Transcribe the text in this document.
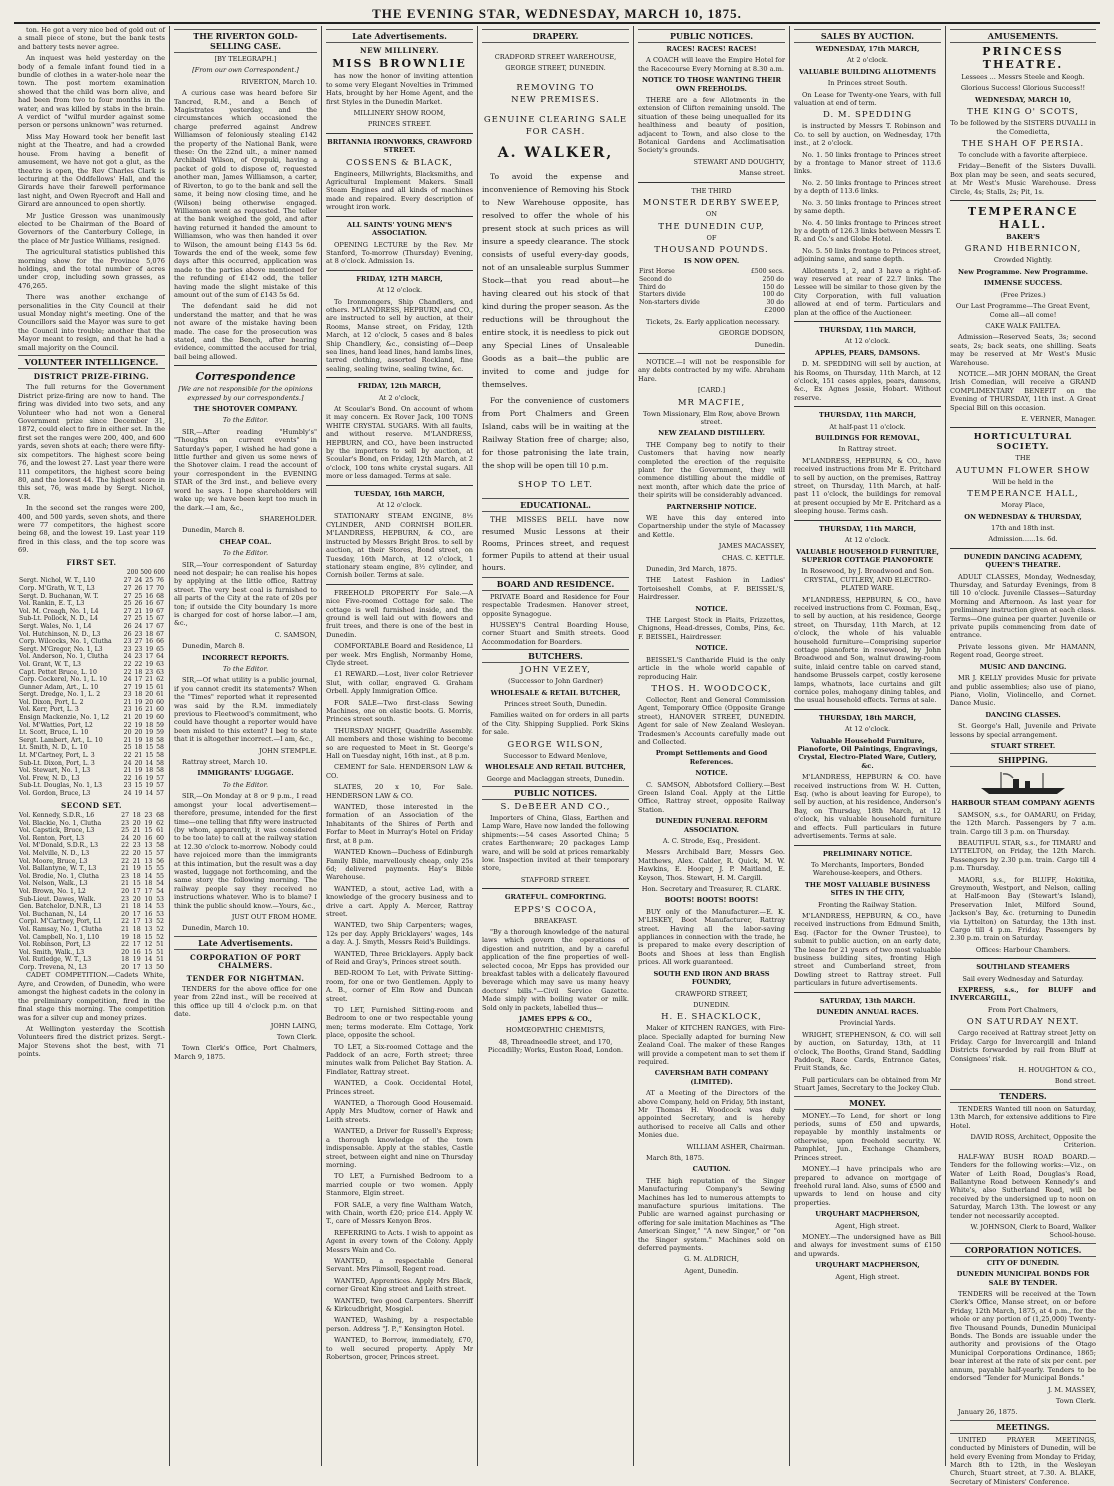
THE EVENING STAR, WEDNESDAY, MARCH 10, 1875.

ton. He got a very nice bed of gold out of a small piece of stone, but the bank tests and battery tests never agree.

An inquest was held yesterday on the body of a female infant found tied in a bundle of clothes in a water-hole near the town. The post mortem examination showed that the child was born alive, and had been from two to four months in the water, and was killed by stabs in the brain. A verdict of "wilful murder against some person or persons unknown" was returned.

Miss May Howard took her benefit last night at the Theatre, and had a crowded house. From having a benefit of amusement, we have not got a glut, as the theatre is open, the Rev Charles Clark is lecturing at the Oddfellows' Hall, and the Girards have their farewell performance last night, and Owen Ryecroft and Hall and Girard are announced to open shortly.

Mr Justice Gresson was unanimously elected to be Chairman of the Board of Governors of the Canterbury College, in the place of Mr Justice Williams, resigned.

The agricultural statistics published this morning show for the Province 5,076 holdings, and the total number of acres under crop, including sown grasses, as 476,265.

There was another exchange of personalities in the City Council at their usual Monday night's meeting. One of the Councillors said the Mayor was sure to get the Council into trouble; another that the Mayor meant to resign, and that he had a small majority on the Council.

VOLUNTEER INTELLIGENCE.
DISTRICT PRIZE-FIRING.

The full returns for the Government District prize-firing are now to hand. The firing was divided into two sets, and any Volunteer who had not won a General Government prize since December 31, 1872, could elect to fire in either set. In the first set the ranges were 200, 400, and 600 yards, seven shots at each; there were fifty-six competitors. The highest score being 76, and the lowest 27. Last year there were 111 competitors, the highest score being 80, and the lowest 44. The highest score in this set, 76, was made by Sergt. Nichol, V.R.

In the second set the ranges were 200, 400, and 500 yards, seven shots, and there were 77 competitors, the highest score being 68, and the lowest 19. Last year 119 fired in this class, and the top score was 69.

FIRST SET.
200 500 600
Sergt. Nichol, W. T., L10	27	24	25	76
Corp. M'Grath, W. T., L3	27	26	17	70
Sergt. D. Buchanan, W. T.	27	25	16	68
Vol. Rankin, E. T., L3	25	26	16	67
Vol. M. Creagh, No. 1, L4	27	21	19	67
Sub-Lt. Pollock, N. D., L4	27	25	15	67
Sergt. Wales, No. 1, L4	26	24	17	67
Vol. Hutchinson, N. D., L3	26	23	18	67
Corp. Wilcocks, No. 1, Clutha	23	27	16	66
Sergt. M'Gregor, No. 1, L3	23	23	19	65
Vol. Anderson, No. 1, Clutha	24	23	17	64
Vol. Grant, W. T., L3	22	22	19	63
Capt. Pettet Bruce, L. 10	22	18	23	63
Corp. Cockerel, No. 1, L. 10	24	17	21	62
Gunner Adam, Art., L. 10	27	19	15	61
Sergt. Dredge, No. 1, L. 2	23	18	20	61
Vol. Dixon, Port, L. 2	21	19	20	60
Vol. Kerr, Port, L. 3	23	16	21	60
Ensign Mackenzie, No. 1, L2	21	20	19	60
Vol. M'Watties, Port, L2	22	19	18	59
Lt. Scott, Bruce, L. 10	20	20	19	59
Sergt. Lambert, Art., L. 10	21	19	18	58
Lt. Smith, N. D., L. 10	25	18	15	58
Lt. M'Cartney, Port, L. 3	22	21	15	58
Sub-Lt. Dixon, Port, L. 3	24	20	14	58
Vol. Stewart, No. 1, L3	21	19	18	58
Vol. Frew, N. D., L3	22	16	19	57
Sub-Lt. Douglas, No. 1, L3	23	15	19	57
Vol. Gordon, Bruce, L3	24	19	14	57
SECOND SET.
Vol. Kennedy, S.D.R., L6	27	18	23	68
Vol. Blackie, No. 1, Clutha	23	20	19	62
Vol. Capstick, Bruce, L3	25	21	15	61
Vol. Renton, Port, L3	24	20	16	60
Vol. M'Donald, S.D.R., L3	22	23	13	58
Vol. Melville, N. D., L3	22	20	15	57
Vol. Moore, Bruce, L3	22	21	13	56
Vol. Ballantyne, W. T., L3	21	19	15	55
Vol. Brodie, No. 1, Clutha	23	18	14	55
Vol. Nelson, Walk., L3	21	15	18	54
Vol. Brown, No. 1, L2	20	17	17	54
Sub-Lieut. Dawes, Walk.	23	20	10	53
Gen. Batchelor, D.N.R., L3	21	18	14	53
Vol. Buchanan, N., L4	20	17	16	53
Corpl. M'Cartney, Port, L1	22	17	13	52
Vol. Ramsay, No. 1, Clutha	21	18	13	52
Vol. Campbell, No. 1, L10	19	18	15	52
Vol. Robinson, Port, L3	22	17	12	51
Vol. Smith, Walk., L3	20	16	15	51
Vol. Rutledge, W. T., L3	18	19	14	51
Corp. Trevena, N., L3	20	17	13	50

CADET COMPETITION.—Cadets White, Ayre, and Crowden, of Dunedin, who were amongst the highest cadets in the colony in the preliminary competition, fired in the final stage this morning. The competition was for a silver cup and money prizes.

At Wellington yesterday the Scottish Volunteers fired the district prizes. Sergt.-Major Stevens shot the best, with 71 points.

THE RIVERTON GOLD-SELLING CASE.

[BY TELEGRAPH.]

[From our own Correspondent.]

RIVERTON, March 10.

A curious case was heard before Sir Tancred, R.M., and a Bench of Magistrates yesterday, and the circumstances which occasioned the charge preferred against Andrew Williamson of feloniously stealing £142 the property of the National Bank, were these: On the 22nd ult., a miner named Archibald Wilson, of Orepuki, having a packet of gold to dispose of, requested another man, James Williamson, a carter, of Riverton, to go to the bank and sell the same, it being now closing time, and he (Wilson) being otherwise engaged. Williamson went as requested. The teller at the bank weighed the gold, and after having returned it handed the amount to Williamson, who was then handed it over to Wilson, the amount being £143 5s 6d. Towards the end of the week, some few days after this occurred, application was made to the parties above mentioned for the refunding of £142 odd, the teller having made the slight mistake of this amount out of the sum of £143 5s 6d.

The defendant said he did not understand the matter, and that he was not aware of the mistake having been made. The case for the prosecution was stated, and the Bench, after hearing evidence, committed the accused for trial, bail being allowed.

Correspondence

[We are not responsible for the opinions expressed by our correspondents.]

THE SHOTOVER COMPANY.

To the Editor.

SIR,—After reading "Humbly's" "Thoughts on current events" in Saturday's paper, I wished he had gone a little further and given us some news of the Shotover claim. I read the account of your correspondent in the EVENING STAR of the 3rd inst., and believe every word he says. I hope shareholders will wake up; we have been kept too much in the dark.—I am, &c.,

SHAREHOLDER.

Dunedin, March 8.

CHEAP COAL.

To the Editor.

SIR,—Your correspondent of Saturday need not despair; he can realise his hopes by applying at the little office, Rattray street. The very best coal is furnished to all parts of the City at the rate of 20s per ton; if outside the City boundary 1s more is charged for cost of horse labor.—I am, &c.,

C. SAMSON,

Dunedin, March 8.

INCORRECT REPORTS.

To the Editor.

SIR,—Of what utility is a public journal, if you cannot credit its statements? When the "Times" reported what it represented was said by the R.M. immediately previous to Fleetwood's commitment, who could have thought a reporter would have been misled to this extent? I beg to state that it is altogether incorrect.—I am, &c.,

JOHN STEMPLE.

Rattray street, March 10.

IMMIGRANTS' LUGGAGE.

To the Editor.

SIR,—On Monday at 8 or 9 p.m., I read amongst your local advertisement—therefore, presume, intended for the first time—one telling that fifty were instructed (by whom, apparently, it was considered to be too late) to call at the railway station at 12.30 o'clock to-morrow. Nobody could have rejoiced more than the immigrants at this intimation, but the result was a day wasted, luggage not forthcoming, and the same story the following morning. The railway people say they received no instructions whatever. Who is to blame? I think the public should know.—Yours, &c.,

JUST OUT FROM HOME.

Dunedin, March 10.

Late Advertisements.
CORPORATION OF PORT CHALMERS.
TENDER FOR NIGHTMAN.

TENDERS for the above office for one year from 22nd inst., will be received at this office up till 4 o'clock p.m. on that date.

JOHN LAING,

Town Clerk.

Town Clerk's Office, Port Chalmers, March 9, 1875.

Late Advertisements.
NEW MILLINERY.
MISS BROWNLIE

has now the honor of inviting attention to some very Elegant Novelties in Trimmed Hats, brought by her Home Agent, and the first Styles in the Dunedin Market.

MILLINERY SHOW ROOM,

PRINCES STREET.

BRITANNIA IRONWORKS, CRAWFORD STREET.

COSSENS & BLACK,

Engineers, Millwrights, Blacksmiths, and Agricultural Implement Makers. Small Steam Engines and all kinds of machines made and repaired. Every description of wrought iron work.

ALL SAINTS' YOUNG MEN'S ASSOCIATION.

OPENING LECTURE by the Rev. Mr Stanford, To-morrow (Thursday) Evening, at 8 o'clock. Admission 1s.

FRIDAY, 12TH MARCH,

At 12 o'clock.

To Ironmongers, Ship Chandlers, and others. M'LANDRESS, HEPBURN, and CO., are instructed to sell by auction, at their Rooms, Manse street, on Friday, 12th March, at 12 o'clock, 5 cases and 8 bales Ship Chandlery, &c., consisting of—Deep sea lines, hand lead lines, hand lambs lines, tarred clothing, assorted Rockland, fine sealing, sealing twine, sealing twine, &c.

FRIDAY, 12th MARCH,

At 2 o'clock,

At Scoular's Bond. On account of whom it may concern. Ex Rover Jack, 100 TONS WHITE CRYSTAL SUGARS. With all faults, and without reserve. M'LANDRESS, HEPBURN, and CO., have been instructed by the importers to sell by auction, at Scoular's Bond, on Friday, 12th March, at 2 o'clock, 100 tons white crystal sugars. All more or less damaged. Terms at sale.

TUESDAY, 16th MARCH,

At 12 o'clock.

STATIONARY STEAM ENGINE, 8½ CYLINDER, AND CORNISH BOILER. M'LANDRESS, HEPBURN, & CO., are instructed by Messrs Bright Bros. to sell by auction, at their Stores, Bond street, on Tuesday, 16th March, at 12 o'clock, 1 stationary steam engine, 8½ cylinder, and Cornish boiler. Terms at sale.

FREEHOLD PROPERTY For Sale.—A nice Five-roomed Cottage for sale. The cottage is well furnished inside, and the ground is well laid out with flowers and fruit trees, and there is one of the best in Dunedin.

COMFORTABLE Board and Residence, Ll per week. Mrs English, Normanby Home, Clyde street.

£1 REWARD.—Lost, liver color Retriever Slut, with collar, engraved G. Graham Orbell. Apply Immigration Office.

FOR SALE—Two first-class Sewing Machines, one on elastic boots. G. Morris, Princes street south.

THURSDAY NIGHT, Quadrille Assembly. All members and those wishing to become so are requested to Meet in St. George's Hall on Tuesday night, 16th inst., at 8 p.m.

CEMENT for Sale. HENDERSON LAW & CO.

SLATES, 20 x 10, For Sale. HENDERSON LAW & CO.

WANTED, those interested in the formation of an Association of the Inhabitants of the Shires of Perth and Forfar to Meet in Murray's Hotel on Friday first, at 8 p.m.

WANTED Known—Duchess of Edinburgh Family Bible, marvellously cheap, only 25s 6d; delivered payments. Hay's Bible Warehouse.

WANTED, a stout, active Lad, with a knowledge of the grocery business and to drive a cart. Apply A. Mercer, Rattray street.

WANTED, two Ship Carpenters; wages, 12s per day. Apply Bricklayers' wages, 14s a day. A. J. Smyth, Messrs Reid's Buildings.

WANTED, Three Bricklayers. Apply back of Reid and Gray's, Princes street south.

BED-ROOM To Let, with Private Sitting-room, for one or two Gentlemen. Apply to A. B., corner of Elm Row and Duncan street.

TO LET, Furnished Sitting-room and Bedroom to one or two respectable young men; terms moderate. Elm Cottage, York place, opposite the school.

TO LET, a Six-roomed Cottage and the Paddock of an acre, Forth street; three minutes walk from Pelichet Bay Station. A. Findlater, Rattray street.

WANTED, a Cook. Occidental Hotel, Princes street.

WANTED, a Thorough Good Housemaid. Apply Mrs Mudtow, corner of Hawk and Leith streets.

WANTED, a Driver for Russell's Express; a thorough knowledge of the town indispensable. Apply at the stables, Castle street, between eight and nine on Thursday morning.

TO LET, a Furnished Bedroom to a married couple or two women. Apply Stanmore, Elgin street.

FOR SALE, a very fine Waltham Watch, with Chain, worth £20; price £14. Apply W. T., care of Messrs Kenyon Bros.

REFERRING to Acts. I wish to appoint as Agent in every town of the Colony. Apply Messrs Wain and Co.

WANTED, a respectable General Servant. Mrs Plimsoll, Regent road.

WANTED, Apprentices. Apply Mrs Black, corner Great King street and Leith street.

WANTED, two good Carpenters. Sherriff & Kirkcudbright, Mosgiel.

WANTED, Washing, by a respectable person. Address "J. P.," Kensington Hotel.

WANTED, to Borrow, immediately, £70, to well secured property. Apply Mr Robertson, grocer, Princes street.

DRAPERY.

CRADFORD STREET WAREHOUSE,

GEORGE STREET, DUNEDIN.

REMOVING TO
NEW PREMISES.
GENUINE CLEARING SALE
FOR CASH.
A. WALKER,

To avoid the expense and inconvenience of Removing his Stock to New Warehouse opposite, has resolved to offer the whole of his present stock at such prices as will insure a speedy clearance. The stock consists of useful every-day goods, not of an unsaleable surplus Summer Stock—that you read about—he having cleared out his stock of that kind during the proper season. As the reductions will be throughout the entire stock, it is needless to pick out any Special Lines of Unsaleable Goods as a bait—the public are invited to come and judge for themselves.

For the convenience of customers from Port Chalmers and Green Island, cabs will be in waiting at the Railway Station free of charge; also, for those patronising the late train, the shop will be open till 10 p.m.

SHOP TO LET.
EDUCATIONAL.

THE MISSES BELL have now resumed Music Lessons at their Rooms, Princes street, and request former Pupils to attend at their usual hours.

BOARD AND RESIDENCE.

PRIVATE Board and Residence for Four respectable Tradesmen. Hanover street, opposite Synagogue.

HUSSEY'S Central Boarding House, corner Stuart and Smith streets. Good Accommodation for Boarders.

BUTCHERS.
JOHN VEZEY,

(Successor to John Gardner)

WHOLESALE & RETAIL BUTCHER,

Princes street South, Dunedin.

Families waited on for orders in all parts of the City. Shipping Supplied. Pork Skins for sale.

GEORGE WILSON,

Successor to Edward Menlove,

WHOLESALE AND RETAIL BUTCHER,

George and Maclaggan streets, Dunedin.

PUBLIC NOTICES.
S. DeBEER AND CO.,

Importers of China, Glass, Earthen and Lamp Ware, Have now landed the following shipments:—54 cases Assorted China; 5 crates Earthenware; 20 packages Lamp ware, and will be sold at prices remarkably low. Inspection invited at their temporary store,

STAFFORD STREET.

GRATEFUL. COMFORTING.

EPPS'S COCOA,

BREAKFAST.

"By a thorough knowledge of the natural laws which govern the operations of digestion and nutrition, and by a careful application of the fine properties of well-selected cocoa, Mr Epps has provided our breakfast tables with a delicately flavoured beverage which may save us many heavy doctors' bills."—Civil Service Gazette. Made simply with boiling water or milk. Sold only in packets, labelled thus—

JAMES EPPS & CO.,

HOMŒOPATHIC CHEMISTS,

48, Threadneedle street, and 170, Piccadilly; Works, Euston Road, London.

PUBLIC NOTICES.

RACES! RACES! RACES!

A COACH will leave the Empire Hotel for the Racecourse Every Morning at 8.30 a.m.

NOTICE TO THOSE WANTING THEIR OWN FREEHOLDS.

THERE are a few Allotments in the extension of Clifton remaining unsold. The situation of these being unequalled for its healthiness and beauty of position, adjacent to Town, and also close to the Botanical Gardens and Acclimatisation Society's grounds.

STEWART AND DOUGHTY,

Manse street.

THE THIRD

MONSTER DERBY SWEEP,

ON

THE DUNEDIN CUP,

OF

THOUSAND POUNDS.

IS NOW OPEN.

First Horse	£500 secs.
Second do	250 do
Third do	150 do
Starters divide	100 do
Non-starters divide	30 do

£2000

Tickets, 2s. Early application necessary.

GEORGE DODSON,

Dunedin.

NOTICE.—I will not be responsible for any debts contracted by my wife. Abraham Hare.

[CARD.]

MR MACFIE,

Town Missionary, Elm Row, above Brown street.

NEW ZEALAND DISTILLERY.

THE Company beg to notify to their Customers that having now nearly completed the erection of the requisite plant for the Government, they will commence distilling about the middle of next month, after which date the price of their spirits will be considerably advanced.

PARTNERSHIP NOTICE.

WE have this day entered into Copartnership under the style of Macassey and Kettle.

JAMES MACASSEY,

CHAS. C. KETTLE.

Dunedin, 3rd March, 1875.

THE Latest Fashion in Ladies' Tortoiseshell Combs, at F. BEISSEL'S, Hairdresser.

NOTICE.

THE Largest Stock in Plaits, Frizzettes, Chignons, Head-dresses, Combs, Pins, &c. F. BEISSEL, Hairdresser.

NOTICE.

BEISSEL'S Cantharide Fluid is the only article in the whole world capable of reproducing Hair.

THOS. H. WOODCOCK,

Collector, Rent and General Commission Agent, Temporary Office (Opposite Grange street), HANOVER STREET, DUNEDIN. Agent for sale of New Zealand Wesleyan. Tradesmen's Accounts carefully made out and Collected.

Prompt Settlements and Good References.

NOTICE.

C. SAMSON, Abbotsford Colliery.—Best Green Island Coal. Apply at the Little Office, Rattray street, opposite Railway Station.

DUNEDIN FUNERAL REFORM ASSOCIATION.

A. C. Strode, Esq., President.

Messrs Archibald Barr, Messrs Geo. Matthews, Alex. Calder, R. Quick, M. W. Hawkins, E. Hooper, J. P. Maitland, E. Keyson, Thos. Stewart, H. M. Cargill.

Hon. Secretary and Treasurer, R. CLARK.

BOOTS! BOOTS! BOOTS!

BUY only of the Manufacturer.—E. K. M'LISKEY, Boot Manufacturer, Rattray street. Having all the labor-saving appliances in connection with the trade, he is prepared to make every description of Boots and Shoes at less than English prices. All work guaranteed.

SOUTH END IRON AND BRASS FOUNDRY,

CRAWFORD STREET,

DUNEDIN.

H. E. SHACKLOCK,

Maker of KITCHEN RANGES, with Fire-place. Specially adapted for burning New Zealand Coal. The maker of these Ranges will provide a competent man to set them if required.

CAVERSHAM BATH COMPANY (LIMITED).

AT a Meeting of the Directors of the above Company, held on Friday, 5th instant, Mr Thomas H. Woodcock was duly appointed Secretary, and is hereby authorised to receive all Calls and other Monies due.

WILLIAM ASHER, Chairman.

March 8th, 1875.

CAUTION.

THE high reputation of the Singer Manufacturing Company's Sewing Machines has led to numerous attempts to manufacture spurious imitations. The Public are warned against purchasing or offering for sale imitation Machines as "The American Singer," "A new Singer," or "on the Singer system." Machines sold on deferred payments.

G. M. ALDRICH,

Agent, Dunedin.

SALES BY AUCTION.

WEDNESDAY, 17th MARCH,

At 2 o'clock.

VALUABLE BUILDING ALLOTMENTS

In Princes street South.

On Lease for Twenty-one Years, with full valuation at end of term.

D. M. SPEDDING

is instructed by Messrs T. Robinson and Co. to sell by auction, on Wednesday, 17th inst., at 2 o'clock.

No. 1. 50 links frontage to Princes street by a frontage to Manor street of 113.6 links.

No. 2. 50 links frontage to Princes street by a depth of 113.6 links.

No. 3. 50 links frontage to Princes street by same depth.

No. 4. 50 links frontage to Princes street by a depth of 126.3 links between Messrs T. R. and Co.'s and Globe Hotel.

No. 5. 50 links frontage to Princes street, adjoining same, and same depth.

Allotments 1, 2, and 3 have a right-of-way reserved at rear of 22.7 links. The Lessee will be similar to those given by the City Corporation, with full valuation allowed at end of term. Particulars and plan at the office of the Auctioneer.

THURSDAY, 11th MARCH,

At 12 o'clock.

APPLES, PEARS, DAMSONS.

D. M. SPEDDING will sell by auction, at his Rooms, on Thursday, 11th March, at 12 o'clock, 151 cases apples, pears, damsons, &c., Ex Agnes Jessie, Hobart. Without reserve.

THURSDAY, 11th MARCH,

At half-past 11 o'clock.

BUILDINGS FOR REMOVAL,

In Rattray street.

M'LANDRESS, HEPBURN, & CO., have received instructions from Mr E. Pritchard to sell by auction, on the premises, Rattray street, on Thursday, 11th March, at half-past 11 o'clock, the buildings for removal at present occupied by Mr E. Pritchard as a sleeping house. Terms cash.

THURSDAY, 11th MARCH,

At 12 o'clock.

VALUABLE HOUSEHOLD FURNITURE, SUPERIOR COTTAGE PIANOFORTE

In Rosewood, by J. Broadwood and Son. CRYSTAL, CUTLERY, AND ELECTRO-PLATED WARE.

M'LANDRESS, HEPBURN, & CO., have received instructions from C. Foxman, Esq., to sell by auction, at his residence, George street, on Thursday, 11th March, at 12 o'clock, the whole of his valuable household furniture—Comprising superior cottage pianoforte in rosewood, by John Broadwood and Son, walnut drawing-room suite, inlaid centre table on carved stand, handsome Brussels carpet, costly kerosene lamps, whatnots, lace curtains and gilt cornice poles, mahogany dining tables, and the usual household effects. Terms at sale.

THURSDAY, 18th MARCH,

At 12 o'clock.

Valuable Household Furniture, Pianoforte, Oil Paintings, Engravings, Crystal, Electro-Plated Ware, Cutlery, &c.

M'LANDRESS, HEPBURN & CO. have received instructions from W. H. Cutten, Esq. (who is about leaving for Europe), to sell by auction, at his residence, Anderson's Bay, on Thursday, 18th March, at 12 o'clock, his valuable household furniture and effects. Full particulars in future advertisements. Terms at sale.

PRELIMINARY NOTICE.

To Merchants, Importers, Bonded Warehouse-keepers, and Others.

THE MOST VALUABLE BUSINESS SITES IN THE CITY,

Fronting the Railway Station.

M'LANDRESS, HEPBURN, & CO., have received instructions from Edmund Smith, Esq. (Factor for the Owner Trustee), to submit to public auction, on an early date, The lease for 21 years of two most valuable business building sites, fronting High street and Cumberland street, from Dowling street to Rattray street. Full particulars in future advertisements.

SATURDAY, 13th MARCH.

DUNEDIN ANNUAL RACES.

Provincial Yards.

WRIGHT, STEPHENSON, & CO. will sell by auction, on Saturday, 13th, at 11 o'clock, The Booths, Grand Stand, Saddling Paddock, Race Cards, Entrance Gates, Fruit Stands, &c.

Full particulars can be obtained from Mr Stuart James, Secretary to the Jockey Club.

MONEY.

MONEY.—To Lend, for short or long periods, sums of £50 and upwards, repayable by monthly instalments or otherwise, upon freehold security. W. Pamphlet, Jun., Exchange Chambers, Princes street.

MONEY.—I have principals who are prepared to advance on mortgage of freehold rural land. Also, sums of £500 and upwards to lend on house and city properties.

URQUHART MACPHERSON,

Agent, High street.

MONEY.—The undersigned have as Bill and always for investment sums of £150 and upwards.

URQUHART MACPHERSON,

Agent, High street.

AMUSEMENTS.
PRINCESS THEATRE.

Lessees ... Messrs Steele and Keogh.

Glorious Success! Glorious Success!!

WEDNESDAY, MARCH 10,

THE KING O' SCOTS,

To be followed by the SISTERS DUVALLI in the Comedietta,

THE SHAH OF PERSIA.

To conclude with a favorite afterpiece.

Friday—Benefit of the Sisters Duvalli. Box plan may be seen, and seats secured, at Mr West's Music Warehouse. Dress Circle, 4s; Stalls, 2s; Pit, 1s.

TEMPERANCE HALL.

BAKER'S

GRAND HIBERNICON,

Crowded Nightly.

New Programme. New Programme.

IMMENSE SUCCESS.

(Free Prizes.)

Our Last Programme—The Great Event, Come all—all come!

CAKE WALK FAILTEA.

Admission—Reserved Seats, 3s; second seats, 2s; back seats, one shilling. Seats may be reserved at Mr West's Music Warehouse.

NOTICE.—MR JOHN MORAN, the Great Irish Comedian, will receive a GRAND COMPLIMENTARY BENEFIT on the Evening of THURSDAY, 11th inst. A Great Special Bill on this occasion.

E. VERNER, Manager.

HORTICULTURAL SOCIETY.

THE

AUTUMN FLOWER SHOW

Will be held in the

TEMPERANCE HALL,

Moray Place,

ON WEDNESDAY & THURSDAY,

17th and 18th inst.

Admission......1s. 6d.

DUNEDIN DANCING ACADEMY, QUEEN'S THEATRE.

ADULT CLASSES, Monday, Wednesday, Thursday, and Saturday Evenings, from 8 till 10 o'clock. Juvenile Classes—Saturday Morning and Afternoon. As last year for preliminary instruction given at each class. Terms—One guinea per quarter. Juvenile or private pupils commencing from date of entrance.

Private lessons given. Mr HAMANN, Regent road, George street.

MUSIC AND DANCING.

MR J. KELLY provides Music for private and public assemblies; also use of piano, Piano, Violin, Violincello, and Cornet. Dance Music.

DANCING CLASSES.

St. George's Hall, Juvenile and Private lessons by special arrangement.

STUART STREET.

SHIPPING.

HARBOUR STEAM COMPANY AGENTS

SAMSON, s.s., for OAMARU, on Friday, the 12th March. Passengers by 7 a.m. train. Cargo till 3 p.m. on Thursday.

BEAUTIFUL STAR, s.s., for TIMARU and LYTTELTON, on Friday, the 12th March. Passengers by 2.30 p.m. train. Cargo till 4 p.m. Thursday.

MAORI, s.s., for BLUFF, Hokitika, Greymouth, Westport, and Nelson, calling at Half-moon Bay (Stewart's Island), Preservation Inlet, Milford Sound, Jackson's Bay, &c. (returning to Dunedin via Lyttelton) on Saturday, the 13th inst. Cargo till 4 p.m. Friday. Passengers by 2.30 p.m. train on Saturday.

Offices: Harbour Chambers.

SOUTHLAND STEAMERS

Sail every Wednesday and Saturday.

EXPRESS, s.s., for BLUFF and INVERCARGILL,

From Port Chalmers,

ON SATURDAY NEXT.

Cargo received at Rattray street Jetty on Friday. Cargo for Invercargill and Inland Districts forwarded by rail from Bluff at Consignees' risk.

H. HOUGHTON & CO.,

Bond street.

TENDERS.

TENDERS Wanted till noon on Saturday, 13th March, for extensive additions to Fire Hotel.

DAVID ROSS, Architect, Opposite the Criterion.

HALF-WAY BUSH ROAD BOARD.—Tenders for the following works:—Viz., on Water of Leith Road, Douglas's Road, Ballantyne Road between Kennedy's and White's, also Sutherland Road, will be received by the undersigned up to noon on Saturday, March 13th. The lowest or any tender not necessarily accepted.

W. JOHNSON, Clerk to Board, Walker School-house.

CORPORATION NOTICES.

CITY OF DUNEDIN.

DUNEDIN MUNICIPAL BONDS FOR SALE BY TENDER.

TENDERS will be received at the Town Clerk's Office, Manse street, on or before Friday, 12th March, 1875, at 4 p.m., for the whole or any portion of (1,25,000) Twenty-five Thousand Pounds, Dunedin Municipal Bonds. The Bonds are issuable under the authority and provisions of the Otago Municipal Corporations Ordinance, 1865; bear interest at the rate of six per cent. per annum, payable half-yearly. Tenders to be endorsed "Tender for Municipal Bonds."

J. M. MASSEY,

Town Clerk.

January 26, 1875.

MEETINGS.

UNITED PRAYER MEETINGS, conducted by Ministers of Dunedin, will be held every Evening from Monday to Friday, March 8th to 12th, in the Wesleyan Church, Stuart street, at 7.30. A. BLAKE, Secretary of Ministers' Conference.
